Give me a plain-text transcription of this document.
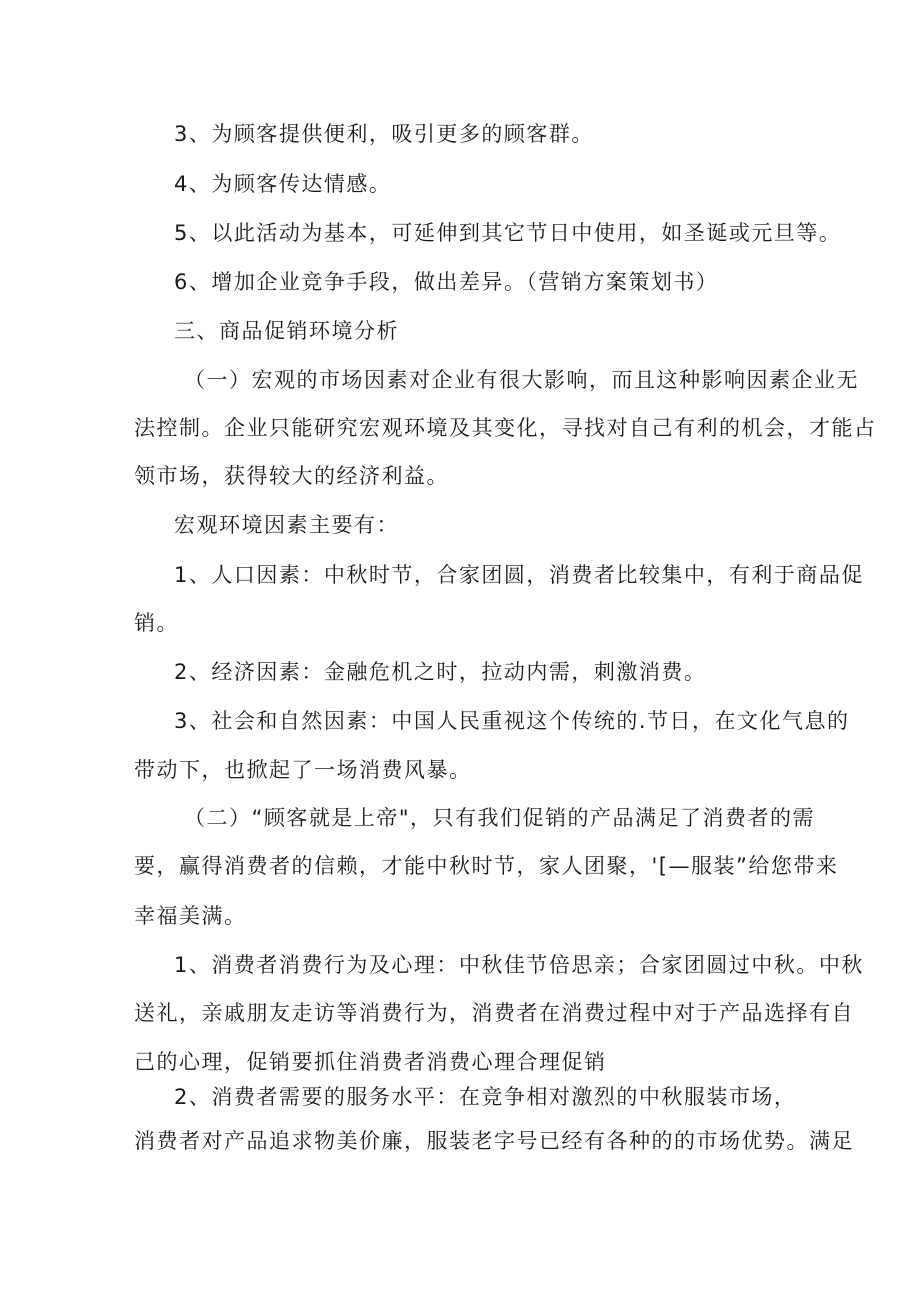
3、为顾客提供便利，吸引更多的顾客群。
4、为顾客传达情感。
5、以此活动为基本，可延伸到其它节日中使用，如圣诞或元旦等。
6、增加企业竞争手段，做出差异。（营销方案策划书）
三、商品促销环境分析
（一）宏观的市场因素对企业有很大影响，而且这种影响因素企业无
法控制。企业只能研究宏观环境及其变化，寻找对自己有利的机会，才能占
领市场，获得较大的经济利益。
宏观环境因素主要有：
1、人口因素：中秋时节，合家团圆，消费者比较集中，有利于商品促
销。
2、经济因素：金融危机之时，拉动内需，刺激消费。
3、社会和自然因素：中国人民重视这个传统的.节日，在文化气息的
带动下，也掀起了一场消费风暴。
（二）“顾客就是上帝"，只有我们促销的产品满足了消费者的需
要，赢得消费者的信赖，才能中秋时节，家人团聚，'[—服装”给您带来
幸福美满。
1、消费者消费行为及心理：中秋佳节倍思亲；合家团圆过中秋。中秋
送礼，亲戚朋友走访等消费行为，消费者在消费过程中对于产品选择有自
己的心理，促销要抓住消费者消费心理合理促销
2、消费者需要的服务水平：在竞争相对激烈的中秋服装市场，
消费者对产品追求物美价廉，服装老字号已经有各种的的市场优势。满足
